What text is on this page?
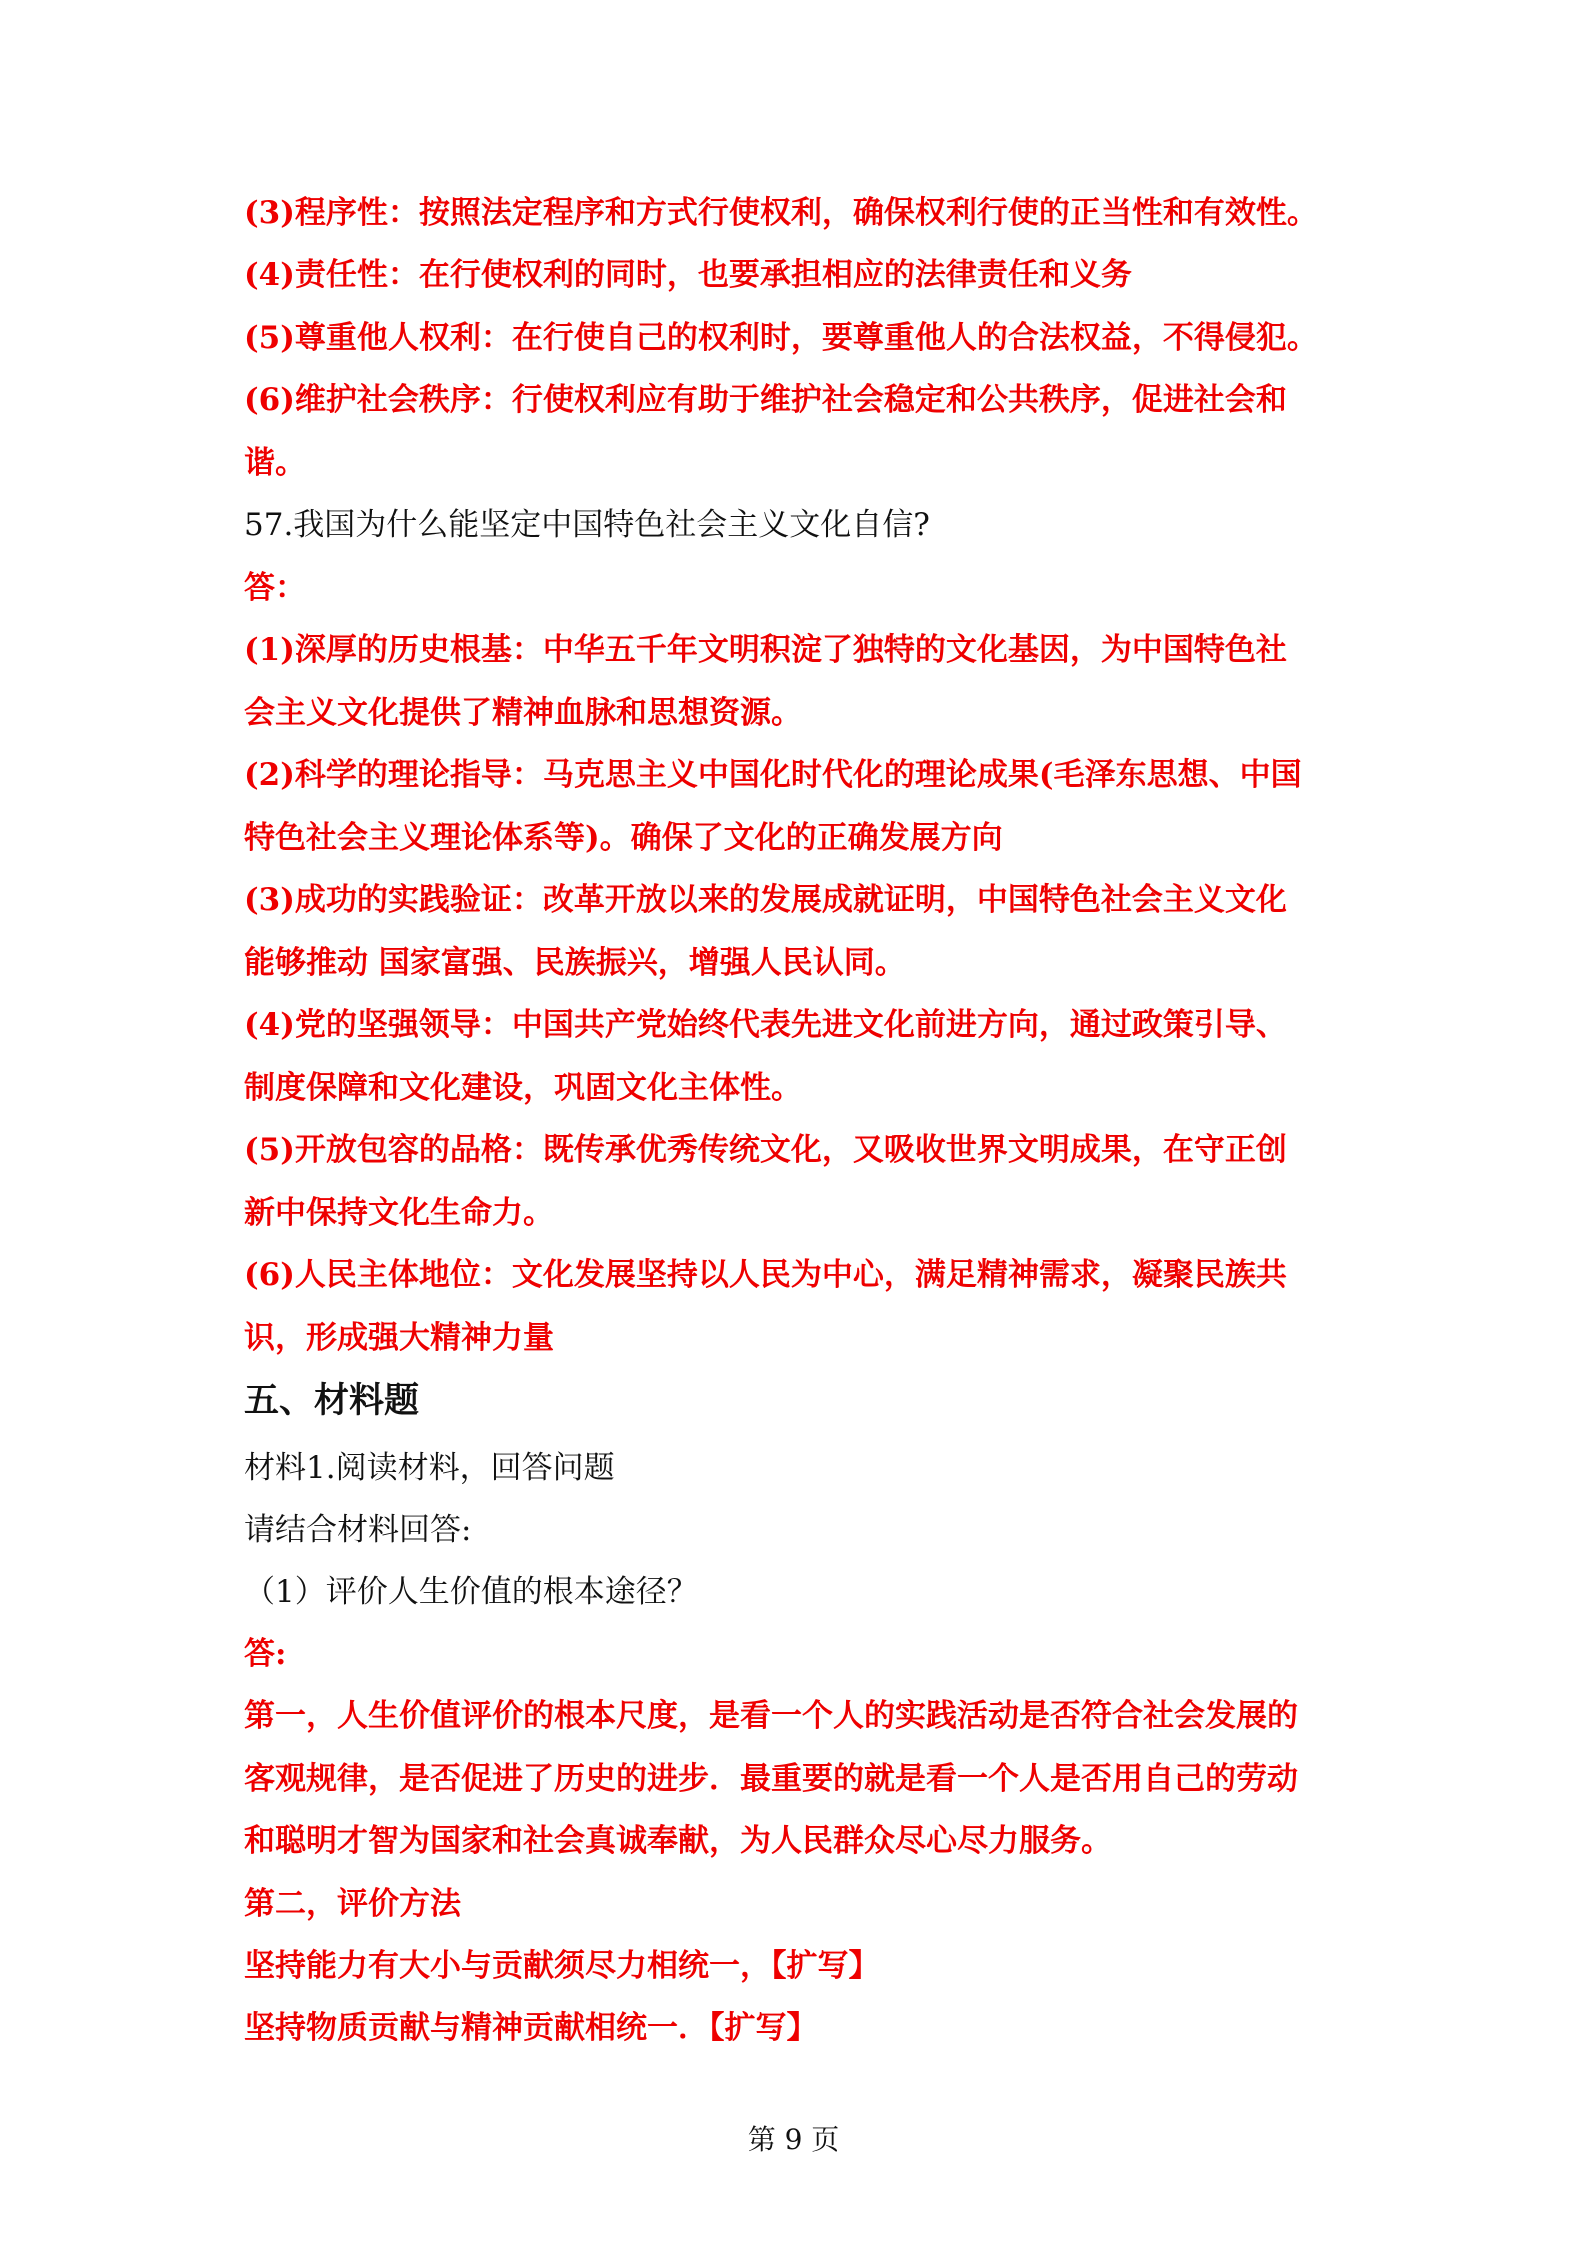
(3)程序性：按照法定程序和方式行使权利，确保权利行使的正当性和有效性。
(4)责任性：在行使权利的同时，也要承担相应的法律责任和义务
(5)尊重他人权利：在行使自己的权利时，要尊重他人的合法权益，不得侵犯。
(6)维护社会秩序：行使权利应有助于维护社会稳定和公共秩序，促进社会和
谐。
57.我国为什么能坚定中国特色社会主义文化自信?
答：
(1)深厚的历史根基：中华五千年文明积淀了独特的文化基因，为中国特色社
会主义文化提供了精神血脉和思想资源。
(2)科学的理论指导：马克思主义中国化时代化的理论成果(毛泽东思想、中国
特色社会主义理论体系等)。确保了文化的正确发展方向
(3)成功的实践验证：改革开放以来的发展成就证明，中国特色社会主义文化
能够推动 国家富强、民族振兴，增强人民认同。
(4)党的坚强领导：中国共产党始终代表先进文化前进方向，通过政策引导、
制度保障和文化建设，巩固文化主体性。
(5)开放包容的品格：既传承优秀传统文化，又吸收世界文明成果，在守正创
新中保持文化生命力。
(6)人民主体地位：文化发展坚持以人民为中心，满足精神需求，凝聚民族共
识，形成强大精神力量
五、材料题
材料1.阅读材料，回答问题
请结合材料回答:
（1）评价人生价值的根本途径？
答:
第一，人生价值评价的根本尺度，是看一个人的实践活动是否符合社会发展的
客观规律，是否促进了历史的进步．最重要的就是看一个人是否用自己的劳动
和聪明才智为国家和社会真诚奉献，为人民群众尽心尽力服务。
第二，评价方法
坚持能力有大小与贡献须尽力相统一，【扩写】
坚持物质贡献与精神贡献相统一．【扩写】
第 9 页
